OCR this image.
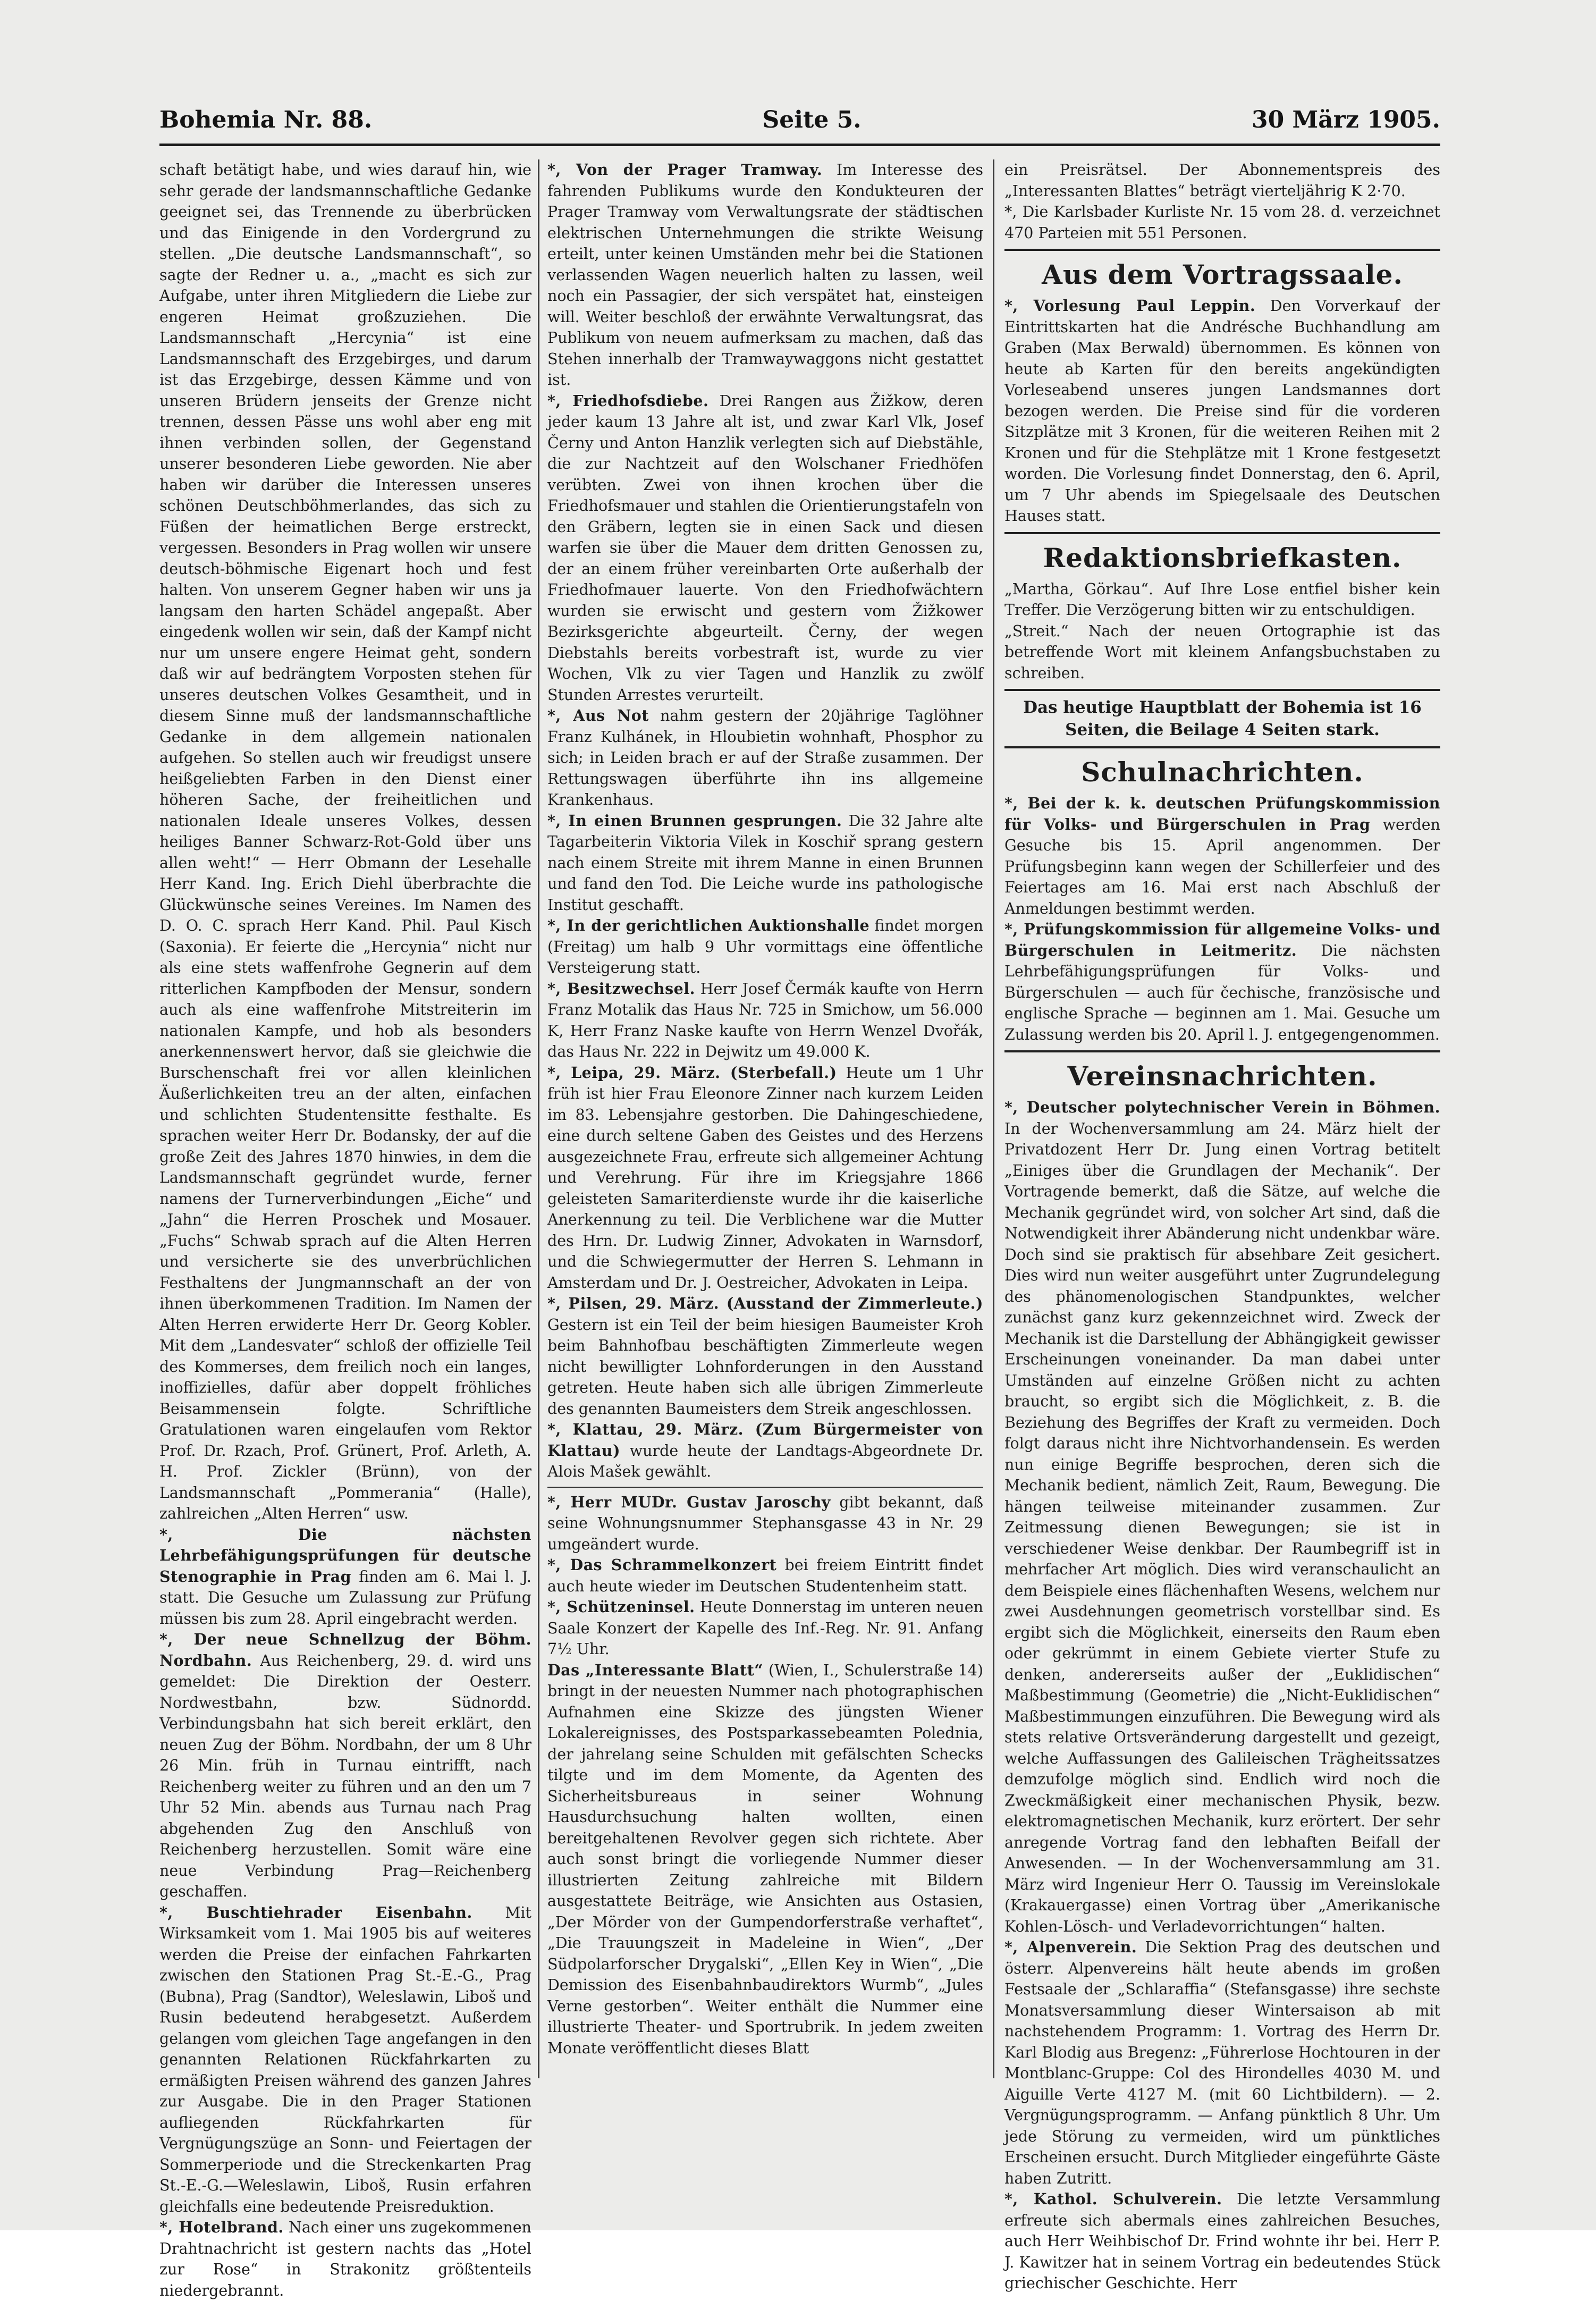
Bohemia Nr. 88.	Seite 5.	30 März 1905.

schaft betätigt habe, und wies darauf hin, wie sehr gerade der landsmannschaftliche Gedanke geeignet sei, das Trennende zu überbrücken und das Einigende in den Vordergrund zu stellen. „Die deutsche Landsmannschaft“, so sagte der Redner u. a., „macht es sich zur Aufgabe, unter ihren Mitgliedern die Liebe zur engeren Heimat großzuziehen. Die Landsmannschaft „Hercynia“ ist eine Landsmannschaft des Erzgebirges, und darum ist das Erzgebirge, dessen Kämme und von unseren Brüdern jenseits der Grenze nicht trennen, dessen Pässe uns wohl aber eng mit ihnen verbinden sollen, der Gegenstand unserer besonderen Liebe geworden. Nie aber haben wir darüber die Interessen unseres schönen Deutschböhmerlandes, das sich zu Füßen der heimatlichen Berge erstreckt, vergessen. Besonders in Prag wollen wir unsere deutsch-böhmische Eigenart hoch und fest halten. Von unserem Gegner haben wir uns ja langsam den harten Schädel angepaßt. Aber eingedenk wollen wir sein, daß der Kampf nicht nur um unsere engere Heimat geht, sondern daß wir auf bedrängtem Vorposten stehen für unseres deutschen Volkes Gesamtheit, und in diesem Sinne muß der landsmannschaftliche Gedanke in dem allgemein nationalen aufgehen. So stellen auch wir freudigst unsere heißgeliebten Farben in den Dienst einer höheren Sache, der freiheitlichen und nationalen Ideale unseres Volkes, dessen heiliges Banner Schwarz-Rot-Gold über uns allen weht!“ — Herr Obmann der Lesehalle Herr Kand. Ing. Erich Diehl überbrachte die Glückwünsche seines Vereines. Im Namen des D. O. C. sprach Herr Kand. Phil. Paul Kisch (Saxonia). Er feierte die „Hercynia“ nicht nur als eine stets waffenfrohe Gegnerin auf dem ritterlichen Kampfboden der Mensur, sondern auch als eine waffenfrohe Mitstreiterin im nationalen Kampfe, und hob als besonders anerkennenswert hervor, daß sie gleichwie die Burschenschaft frei vor allen kleinlichen Äußerlichkeiten treu an der alten, einfachen und schlichten Studentensitte festhalte. Es sprachen weiter Herr Dr. Bodansky, der auf die große Zeit des Jahres 1870 hinwies, in dem die Landsmannschaft gegründet wurde, ferner namens der Turnerverbindungen „Eiche“ und „Jahn“ die Herren Proschek und Mosauer. „Fuchs“ Schwab sprach auf die Alten Herren und versicherte sie des unverbrüchlichen Festhaltens der Jungmannschaft an der von ihnen überkommenen Tradition. Im Namen der Alten Herren erwiderte Herr Dr. Georg Kobler. Mit dem „Landesvater“ schloß der offizielle Teil des Kommerses, dem freilich noch ein langes, inoffizielles, dafür aber doppelt fröhliches Beisammensein folgte. Schriftliche Gratulationen waren eingelaufen vom Rektor Prof. Dr. Rzach, Prof. Grünert, Prof. Arleth, A. H. Prof. Zickler (Brünn), von der Landsmannschaft „Pommerania“ (Halle), zahlreichen „Alten Herren“ usw.

*, Die nächsten Lehrbefähigungsprüfungen für deutsche Stenographie in Prag finden am 6. Mai l. J. statt. Die Gesuche um Zulassung zur Prüfung müssen bis zum 28. April eingebracht werden.

*, Der neue Schnellzug der Böhm. Nordbahn. Aus Reichenberg, 29. d. wird uns gemeldet: Die Direktion der Oesterr. Nordwestbahn, bzw. Südnordd. Verbindungsbahn hat sich bereit erklärt, den neuen Zug der Böhm. Nordbahn, der um 8 Uhr 26 Min. früh in Turnau eintrifft, nach Reichenberg weiter zu führen und an den um 7 Uhr 52 Min. abends aus Turnau nach Prag abgehenden Zug den Anschluß von Reichenberg herzustellen. Somit wäre eine neue Verbindung Prag—Reichenberg geschaffen.

*, Buschtiehrader Eisenbahn. Mit Wirksamkeit vom 1. Mai 1905 bis auf weiteres werden die Preise der einfachen Fahrkarten zwischen den Stationen Prag St.-E.-G., Prag (Bubna), Prag (Sandtor), Weleslawin, Liboš und Rusin bedeutend herabgesetzt. Außerdem gelangen vom gleichen Tage angefangen in den genannten Relationen Rückfahrkarten zu ermäßigten Preisen während des ganzen Jahres zur Ausgabe. Die in den Prager Stationen aufliegenden Rückfahrkarten für Vergnügungszüge an Sonn- und Feiertagen der Sommerperiode und die Streckenkarten Prag St.-E.-G.—Weleslawin, Liboš, Rusin erfahren gleichfalls eine bedeutende Preisreduktion.

*, Hotelbrand. Nach einer uns zugekommenen Drahtnachricht ist gestern nachts das „Hotel zur Rose“ in Strakonitz größtenteils niedergebrannt.

*, Von der Prager Tramway. Im Interesse des fahrenden Publikums wurde den Kondukteuren der Prager Tramway vom Verwaltungsrate der städtischen elektrischen Unternehmungen die strikte Weisung erteilt, unter keinen Umständen mehr bei die Stationen verlassenden Wagen neuerlich halten zu lassen, weil noch ein Passagier, der sich verspätet hat, einsteigen will. Weiter beschloß der erwähnte Verwaltungsrat, das Publikum von neuem aufmerksam zu machen, daß das Stehen innerhalb der Tramwaywaggons nicht gestattet ist.

*, Friedhofsdiebe. Drei Rangen aus Žižkow, deren jeder kaum 13 Jahre alt ist, und zwar Karl Vlk, Josef Černy und Anton Hanzlik verlegten sich auf Diebstähle, die zur Nachtzeit auf den Wolschaner Friedhöfen verübten. Zwei von ihnen krochen über die Friedhofsmauer und stahlen die Orientierungstafeln von den Gräbern, legten sie in einen Sack und diesen warfen sie über die Mauer dem dritten Genossen zu, der an einem früher vereinbarten Orte außerhalb der Friedhofmauer lauerte. Von den Friedhofwächtern wurden sie erwischt und gestern vom Žižkower Bezirksgerichte abgeurteilt. Černy, der wegen Diebstahls bereits vorbestraft ist, wurde zu vier Wochen, Vlk zu vier Tagen und Hanzlik zu zwölf Stunden Arrestes verurteilt.

*, Aus Not nahm gestern der 20jährige Taglöhner Franz Kulhánek, in Hloubietin wohnhaft, Phosphor zu sich; in Leiden brach er auf der Straße zusammen. Der Rettungswagen überführte ihn ins allgemeine Krankenhaus.

*, In einen Brunnen gesprungen. Die 32 Jahre alte Tagarbeiterin Viktoria Vilek in Koschiř sprang gestern nach einem Streite mit ihrem Manne in einen Brunnen und fand den Tod. Die Leiche wurde ins pathologische Institut geschafft.

*, In der gerichtlichen Auktionshalle findet morgen (Freitag) um halb 9 Uhr vormittags eine öffentliche Versteigerung statt.

*, Besitzwechsel. Herr Josef Čermák kaufte von Herrn Franz Motalik das Haus Nr. 725 in Smichow, um 56.000 K, Herr Franz Naske kaufte von Herrn Wenzel Dvořák, das Haus Nr. 222 in Dejwitz um 49.000 K.

*, Leipa, 29. März. (Sterbefall.) Heute um 1 Uhr früh ist hier Frau Eleonore Zinner nach kurzem Leiden im 83. Lebensjahre gestorben. Die Dahingeschiedene, eine durch seltene Gaben des Geistes und des Herzens ausgezeichnete Frau, erfreute sich allgemeiner Achtung und Verehrung. Für ihre im Kriegsjahre 1866 geleisteten Samariterdienste wurde ihr die kaiserliche Anerkennung zu teil. Die Verblichene war die Mutter des Hrn. Dr. Ludwig Zinner, Advokaten in Warnsdorf, und die Schwiegermutter der Herren S. Lehmann in Amsterdam und Dr. J. Oestreicher, Advokaten in Leipa.

*, Pilsen, 29. März. (Ausstand der Zimmerleute.) Gestern ist ein Teil der beim hiesigen Baumeister Kroh beim Bahnhofbau beschäftigten Zimmerleute wegen nicht bewilligter Lohnforderungen in den Ausstand getreten. Heute haben sich alle übrigen Zimmerleute des genannten Baumeisters dem Streik angeschlossen.

*, Klattau, 29. März. (Zum Bürgermeister von Klattau) wurde heute der Landtags-Abgeordnete Dr. Alois Mašek gewählt.

*, Herr MUDr. Gustav Jaroschy gibt bekannt, daß seine Wohnungsnummer Stephansgasse 43 in Nr. 29 umgeändert wurde.

*, Das Schrammelkonzert bei freiem Eintritt findet auch heute wieder im Deutschen Studentenheim statt.

*, Schützeninsel. Heute Donnerstag im unteren neuen Saale Konzert der Kapelle des Inf.-Reg. Nr. 91. Anfang 7½ Uhr.

Das „Interessante Blatt“ (Wien, I., Schulerstraße 14) bringt in der neuesten Nummer nach photographischen Aufnahmen eine Skizze des jüngsten Wiener Lokalereignisses, des Postsparkassebeamten Polednia, der jahrelang seine Schulden mit gefälschten Schecks tilgte und im dem Momente, da Agenten des Sicherheitsbureaus in seiner Wohnung Hausdurchsuchung halten wollten, einen bereitgehaltenen Revolver gegen sich richtete. Aber auch sonst bringt die vorliegende Nummer dieser illustrierten Zeitung zahlreiche mit Bildern ausgestattete Beiträge, wie Ansichten aus Ostasien, „Der Mörder von der Gumpendorferstraße verhaftet“, „Die Trauungszeit in Madeleine in Wien“, „Der Südpolarforscher Drygalski“, „Ellen Key in Wien“, „Die Demission des Eisenbahnbaudirektors Wurmb“, „Jules Verne gestorben“. Weiter enthält die Nummer eine illustrierte Theater- und Sportrubrik. In jedem zweiten Monate veröffentlicht dieses Blatt

ein Preisrätsel. Der Abonnementspreis des „Interessanten Blattes“ beträgt vierteljährig K 2·70.

*, Die Karlsbader Kurliste Nr. 15 vom 28. d. verzeichnet 470 Parteien mit 551 Personen.

Aus dem Vortragssaale.

*, Vorlesung Paul Leppin. Den Vorverkauf der Eintrittskarten hat die Andrésche Buchhandlung am Graben (Max Berwald) übernommen. Es können von heute ab Karten für den bereits angekündigten Vorleseabend unseres jungen Landsmannes dort bezogen werden. Die Preise sind für die vorderen Sitzplätze mit 3 Kronen, für die weiteren Reihen mit 2 Kronen und für die Stehplätze mit 1 Krone festgesetzt worden. Die Vorlesung findet Donnerstag, den 6. April, um 7 Uhr abends im Spiegelsaale des Deutschen Hauses statt.

Redaktionsbriefkasten.

„Martha, Görkau“. Auf Ihre Lose entfiel bisher kein Treffer. Die Verzögerung bitten wir zu entschuldigen.

„Streit.“ Nach der neuen Ortographie ist das betreffende Wort mit kleinem Anfangsbuchstaben zu schreiben.

Das heutige Hauptblatt der Bohemia ist 16 Seiten, die Beilage 4 Seiten stark.

Schulnachrichten.

*, Bei der k. k. deutschen Prüfungskommission für Volks- und Bürgerschulen in Prag werden Gesuche bis 15. April angenommen. Der Prüfungsbeginn kann wegen der Schillerfeier und des Feiertages am 16. Mai erst nach Abschluß der Anmeldungen bestimmt werden.

*, Prüfungskommission für allgemeine Volks- und Bürgerschulen in Leitmeritz. Die nächsten Lehrbefähigungsprüfungen für Volks- und Bürgerschulen — auch für čechische, französische und englische Sprache — beginnen am 1. Mai. Gesuche um Zulassung werden bis 20. April l. J. entgegengenommen.

Vereinsnachrichten.

*, Deutscher polytechnischer Verein in Böhmen. In der Wochenversammlung am 24. März hielt der Privatdozent Herr Dr. Jung einen Vortrag betitelt „Einiges über die Grundlagen der Mechanik“. Der Vortragende bemerkt, daß die Sätze, auf welche die Mechanik gegründet wird, von solcher Art sind, daß die Notwendigkeit ihrer Abänderung nicht undenkbar wäre. Doch sind sie praktisch für absehbare Zeit gesichert. Dies wird nun weiter ausgeführt unter Zugrundelegung des phänomenologischen Standpunktes, welcher zunächst ganz kurz gekennzeichnet wird. Zweck der Mechanik ist die Darstellung der Abhängigkeit gewisser Erscheinungen voneinander. Da man dabei unter Umständen auf einzelne Größen nicht zu achten braucht, so ergibt sich die Möglichkeit, z. B. die Beziehung des Begriffes der Kraft zu vermeiden. Doch folgt daraus nicht ihre Nichtvorhandensein. Es werden nun einige Begriffe besprochen, deren sich die Mechanik bedient, nämlich Zeit, Raum, Bewegung. Die hängen teilweise miteinander zusammen. Zur Zeitmessung dienen Bewegungen; sie ist in verschiedener Weise denkbar. Der Raumbegriff ist in mehrfacher Art möglich. Dies wird veranschaulicht an dem Beispiele eines flächenhaften Wesens, welchem nur zwei Ausdehnungen geometrisch vorstellbar sind. Es ergibt sich die Möglichkeit, einerseits den Raum eben oder gekrümmt in einem Gebiete vierter Stufe zu denken, andererseits außer der „Euklidischen“ Maßbestimmung (Geometrie) die „Nicht-Euklidischen“ Maßbestimmungen einzuführen. Die Bewegung wird als stets relative Ortsveränderung dargestellt und gezeigt, welche Auffassungen des Galileischen Trägheitssatzes demzufolge möglich sind. Endlich wird noch die Zweckmäßigkeit einer mechanischen Physik, bezw. elektromagnetischen Mechanik, kurz erörtert. Der sehr anregende Vortrag fand den lebhaften Beifall der Anwesenden. — In der Wochenversammlung am 31. März wird Ingenieur Herr O. Taussig im Vereinslokale (Krakauergasse) einen Vortrag über „Amerikanische Kohlen-Lösch- und Verladevorrichtungen“ halten.

*, Alpenverein. Die Sektion Prag des deutschen und österr. Alpenvereins hält heute abends im großen Festsaale der „Schlaraffia“ (Stefansgasse) ihre sechste Monatsversammlung dieser Wintersaison ab mit nachstehendem Programm: 1. Vortrag des Herrn Dr. Karl Blodig aus Bregenz: „Führerlose Hochtouren in der Montblanc-Gruppe: Col des Hirondelles 4030 M. und Aiguille Verte 4127 M. (mit 60 Lichtbildern). — 2. Vergnügungsprogramm. — Anfang pünktlich 8 Uhr. Um jede Störung zu vermeiden, wird um pünktliches Erscheinen ersucht. Durch Mitglieder eingeführte Gäste haben Zutritt.

*, Kathol. Schulverein. Die letzte Versammlung erfreute sich abermals eines zahlreichen Besuches, auch Herr Weihbischof Dr. Frind wohnte ihr bei. Herr P. J. Kawitzer hat in seinem Vortrag ein bedeutendes Stück griechischer Geschichte. Herr
